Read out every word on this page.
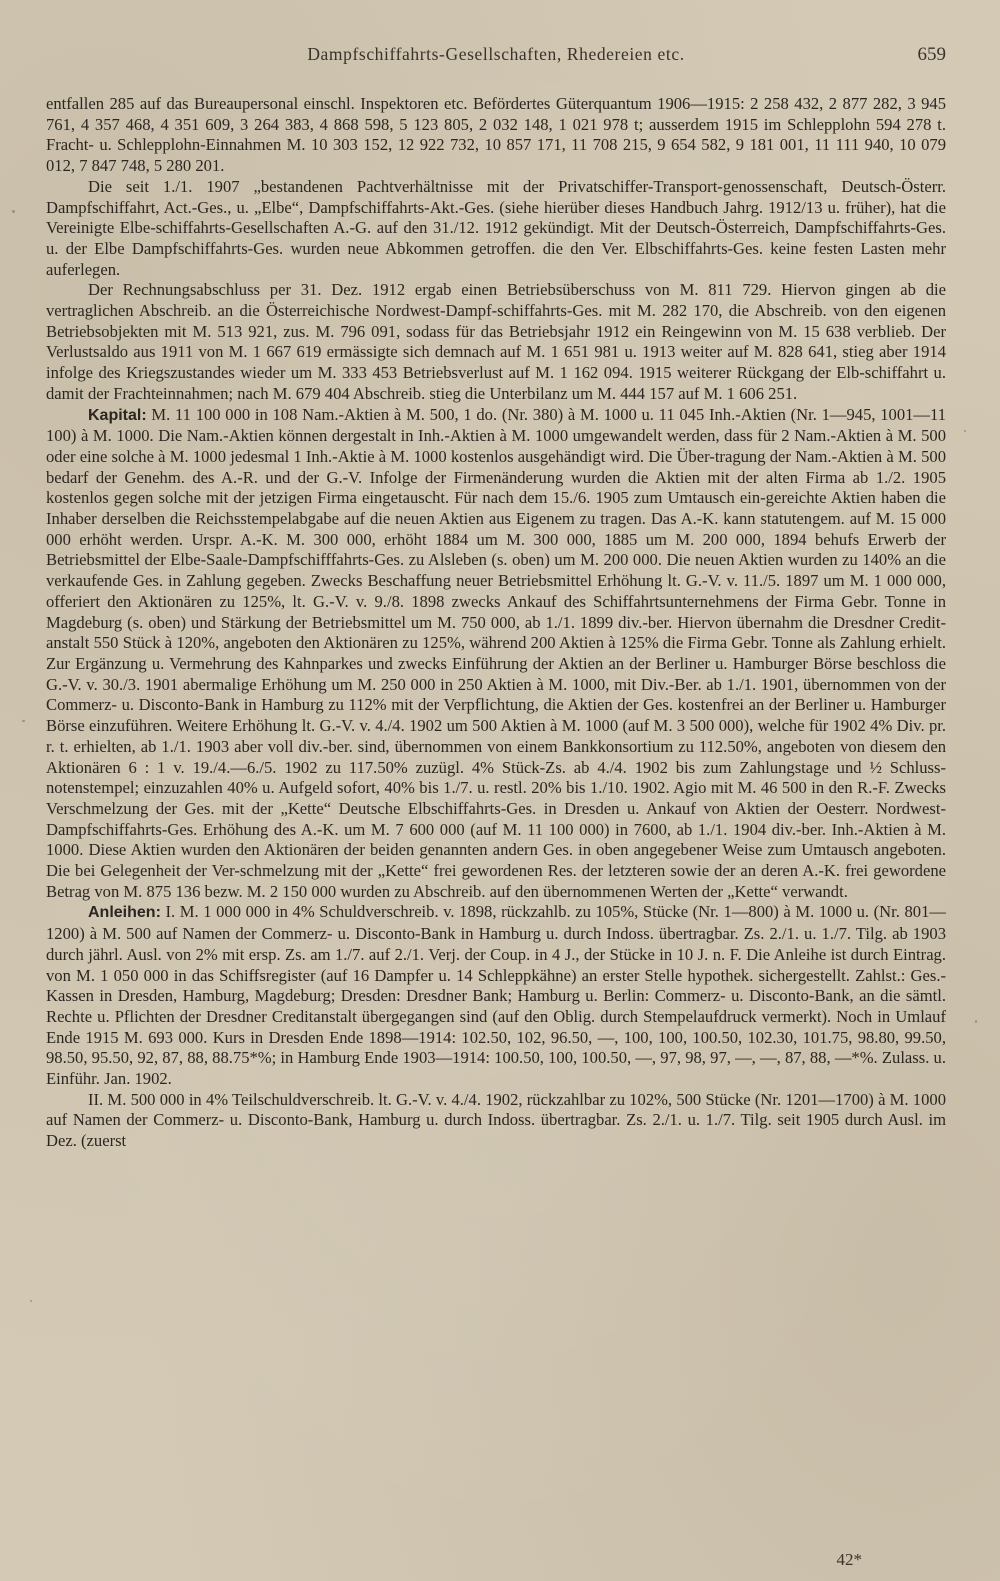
Dampfschiffahrts-Gesellschaften, Rhedereien etc.	659

entfallen 285 auf das Bureaupersonal einschl. Inspektoren etc. Befördertes Güterquantum 1906—1915: 2 258 432, 2 877 282, 3 945 761, 4 357 468, 4 351 609, 3 264 383, 4 868 598, 5 123 805, 2 032 148, 1 021 978 t; ausserdem 1915 im Schlepplohn 594 278 t. Fracht- u. Schlepplohn-Einnahmen M. 10 303 152, 12 922 732, 10 857 171, 11 708 215, 9 654 582, 9 181 001, 11 111 940, 10 079 012, 7 847 748, 5 280 201.

Die seit 1./1. 1907 „bestandenen Pachtverhältnisse mit der Privatschiffer-Transport-genossenschaft, Deutsch-Österr. Dampfschiffahrt, Act.-Ges., u. „Elbe“, Dampfschiffahrts-Akt.-Ges. (siehe hierüber dieses Handbuch Jahrg. 1912/13 u. früher), hat die Vereinigte Elbe-schiffahrts-Gesellschaften A.-G. auf den 31./12. 1912 gekündigt. Mit der Deutsch-Österreich, Dampfschiffahrts-Ges. u. der Elbe Dampfschiffahrts-Ges. wurden neue Abkommen getroffen. die den Ver. Elbschiffahrts-Ges. keine festen Lasten mehr auferlegen.

Der Rechnungsabschluss per 31. Dez. 1912 ergab einen Betriebsüberschuss von M. 811 729. Hiervon gingen ab die vertraglichen Abschreib. an die Österreichische Nordwest-Dampf-schiffahrts-Ges. mit M. 282 170, die Abschreib. von den eigenen Betriebsobjekten mit M. 513 921, zus. M. 796 091, sodass für das Betriebsjahr 1912 ein Reingewinn von M. 15 638 verblieb. Der Verlustsaldo aus 1911 von M. 1 667 619 ermässigte sich demnach auf M. 1 651 981 u. 1913 weiter auf M. 828 641, stieg aber 1914 infolge des Kriegszustandes wieder um M. 333 453 Betriebsverlust auf M. 1 162 094. 1915 weiterer Rückgang der Elb-schiffahrt u. damit der Frachteinnahmen; nach M. 679 404 Abschreib. stieg die Unterbilanz um M. 444 157 auf M. 1 606 251.

Kapital: M. 11 100 000 in 108 Nam.-Aktien à M. 500, 1 do. (Nr. 380) à M. 1000 u. 11 045 Inh.-Aktien (Nr. 1—945, 1001—11 100) à M. 1000. Die Nam.-Aktien können dergestalt in Inh.-Aktien à M. 1000 umgewandelt werden, dass für 2 Nam.-Aktien à M. 500 oder eine solche à M. 1000 jedesmal 1 Inh.-Aktie à M. 1000 kostenlos ausgehändigt wird. Die Über-tragung der Nam.-Aktien à M. 500 bedarf der Genehm. des A.-R. und der G.-V. Infolge der Firmenänderung wurden die Aktien mit der alten Firma ab 1./2. 1905 kostenlos gegen solche mit der jetzigen Firma eingetauscht. Für nach dem 15./6. 1905 zum Umtausch ein-gereichte Aktien haben die Inhaber derselben die Reichsstempelabgabe auf die neuen Aktien aus Eigenem zu tragen. Das A.-K. kann statutengem. auf M. 15 000 000 erhöht werden. Urspr. A.-K. M. 300 000, erhöht 1884 um M. 300 000, 1885 um M. 200 000, 1894 behufs Erwerb der Betriebsmittel der Elbe-Saale-Dampfschifffahrts-Ges. zu Alsleben (s. oben) um M. 200 000. Die neuen Aktien wurden zu 140% an die verkaufende Ges. in Zahlung gegeben. Zwecks Beschaffung neuer Betriebsmittel Erhöhung lt. G.-V. v. 11./5. 1897 um M. 1 000 000, offeriert den Aktionären zu 125%, lt. G.-V. v. 9./8. 1898 zwecks Ankauf des Schiffahrtsunternehmens der Firma Gebr. Tonne in Magdeburg (s. oben) und Stärkung der Betriebsmittel um M. 750 000, ab 1./1. 1899 div.-ber. Hiervon übernahm die Dresdner Credit-anstalt 550 Stück à 120%, angeboten den Aktionären zu 125%, während 200 Aktien à 125% die Firma Gebr. Tonne als Zahlung erhielt. Zur Ergänzung u. Vermehrung des Kahnparkes und zwecks Einführung der Aktien an der Berliner u. Hamburger Börse beschloss die G.-V. v. 30./3. 1901 abermalige Erhöhung um M. 250 000 in 250 Aktien à M. 1000, mit Div.-Ber. ab 1./1. 1901, übernommen von der Commerz- u. Disconto-Bank in Hamburg zu 112% mit der Verpflichtung, die Aktien der Ges. kostenfrei an der Berliner u. Hamburger Börse einzuführen. Weitere Erhöhung lt. G.-V. v. 4./4. 1902 um 500 Aktien à M. 1000 (auf M. 3 500 000), welche für 1902 4% Div. pr. r. t. erhielten, ab 1./1. 1903 aber voll div.-ber. sind, übernommen von einem Bankkonsortium zu 112.50%, angeboten von diesem den Aktionären 6 : 1 v. 19./4.—6./5. 1902 zu 117.50% zuzügl. 4% Stück-Zs. ab 4./4. 1902 bis zum Zahlungstage und ½ Schluss-notenstempel; einzuzahlen 40% u. Aufgeld sofort, 40% bis 1./7. u. restl. 20% bis 1./10. 1902. Agio mit M. 46 500 in den R.-F. Zwecks Verschmelzung der Ges. mit der „Kette“ Deutsche Elbschiffahrts-Ges. in Dresden u. Ankauf von Aktien der Oesterr. Nordwest-Dampfschiffahrts-Ges. Erhöhung des A.-K. um M. 7 600 000 (auf M. 11 100 000) in 7600, ab 1./1. 1904 div.-ber. Inh.-Aktien à M. 1000. Diese Aktien wurden den Aktionären der beiden genannten andern Ges. in oben angegebener Weise zum Umtausch angeboten. Die bei Gelegenheit der Ver-schmelzung mit der „Kette“ frei gewordenen Res. der letzteren sowie der an deren A.-K. frei gewordene Betrag von M. 875 136 bezw. M. 2 150 000 wurden zu Abschreib. auf den übernommenen Werten der „Kette“ verwandt.

Anleihen: I. M. 1 000 000 in 4% Schuldverschreib. v. 1898, rückzahlb. zu 105%, Stücke (Nr. 1—800) à M. 1000 u. (Nr. 801—1200) à M. 500 auf Namen der Commerz- u. Disconto-Bank in Hamburg u. durch Indoss. übertragbar. Zs. 2./1. u. 1./7. Tilg. ab 1903 durch jährl. Ausl. von 2% mit ersp. Zs. am 1./7. auf 2./1. Verj. der Coup. in 4 J., der Stücke in 10 J. n. F. Die Anleihe ist durch Eintrag. von M. 1 050 000 in das Schiffsregister (auf 16 Dampfer u. 14 Schleppkähne) an erster Stelle hypothek. sichergestellt. Zahlst.: Ges.-Kassen in Dresden, Hamburg, Magdeburg; Dresden: Dresdner Bank; Hamburg u. Berlin: Commerz- u. Disconto-Bank, an die sämtl. Rechte u. Pflichten der Dresdner Creditanstalt übergegangen sind (auf den Oblig. durch Stempelaufdruck vermerkt). Noch in Umlauf Ende 1915 M. 693 000. Kurs in Dresden Ende 1898—1914: 102.50, 102, 96.50, —, 100, 100, 100.50, 102.30, 101.75, 98.80, 99.50, 98.50, 95.50, 92, 87, 88, 88.75*%; in Hamburg Ende 1903—1914: 100.50, 100, 100.50, —, 97, 98, 97, —, —, 87, 88, —*%. Zulass. u. Einführ. Jan. 1902.

II. M. 500 000 in 4% Teilschuldverschreib. lt. G.-V. v. 4./4. 1902, rückzahlbar zu 102%, 500 Stücke (Nr. 1201—1700) à M. 1000 auf Namen der Commerz- u. Disconto-Bank, Hamburg u. durch Indoss. übertragbar. Zs. 2./1. u. 1./7. Tilg. seit 1905 durch Ausl. im Dez. (zuerst

42*
